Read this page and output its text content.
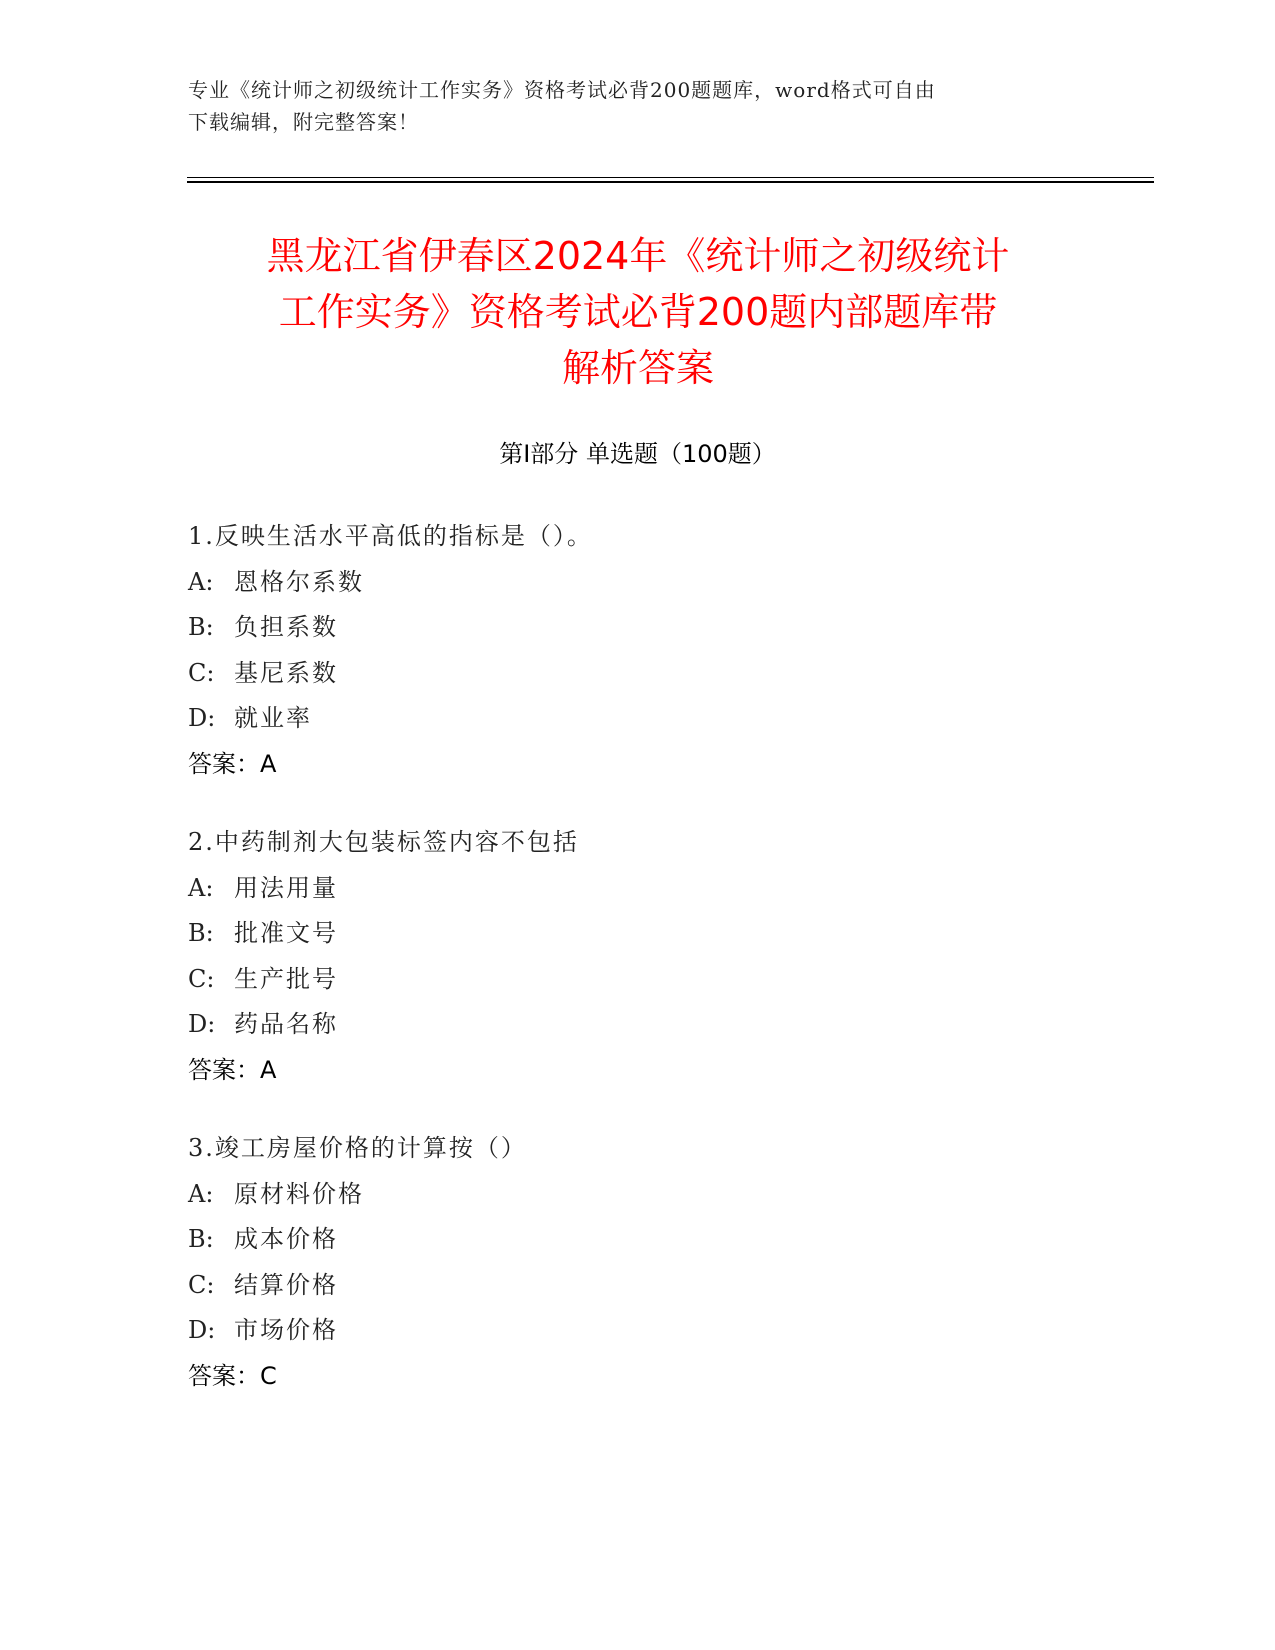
专业《统计师之初级统计工作实务》资格考试必背200题题库，word格式可自由
下载编辑，附完整答案！
黑龙江省伊春区2024年《统计师之初级统计
工作实务》资格考试必背200题内部题库带
解析答案
第Ⅰ部分 单选题（100题）
1.反映生活水平高低的指标是（）。
A: 恩格尔系数
B: 负担系数
C: 基尼系数
D: 就业率
答案：A
2.中药制剂大包装标签内容不包括
A: 用法用量
B: 批准文号
C: 生产批号
D: 药品名称
答案：A
3.竣工房屋价格的计算按（）
A: 原材料价格
B: 成本价格
C: 结算价格
D: 市场价格
答案：C
